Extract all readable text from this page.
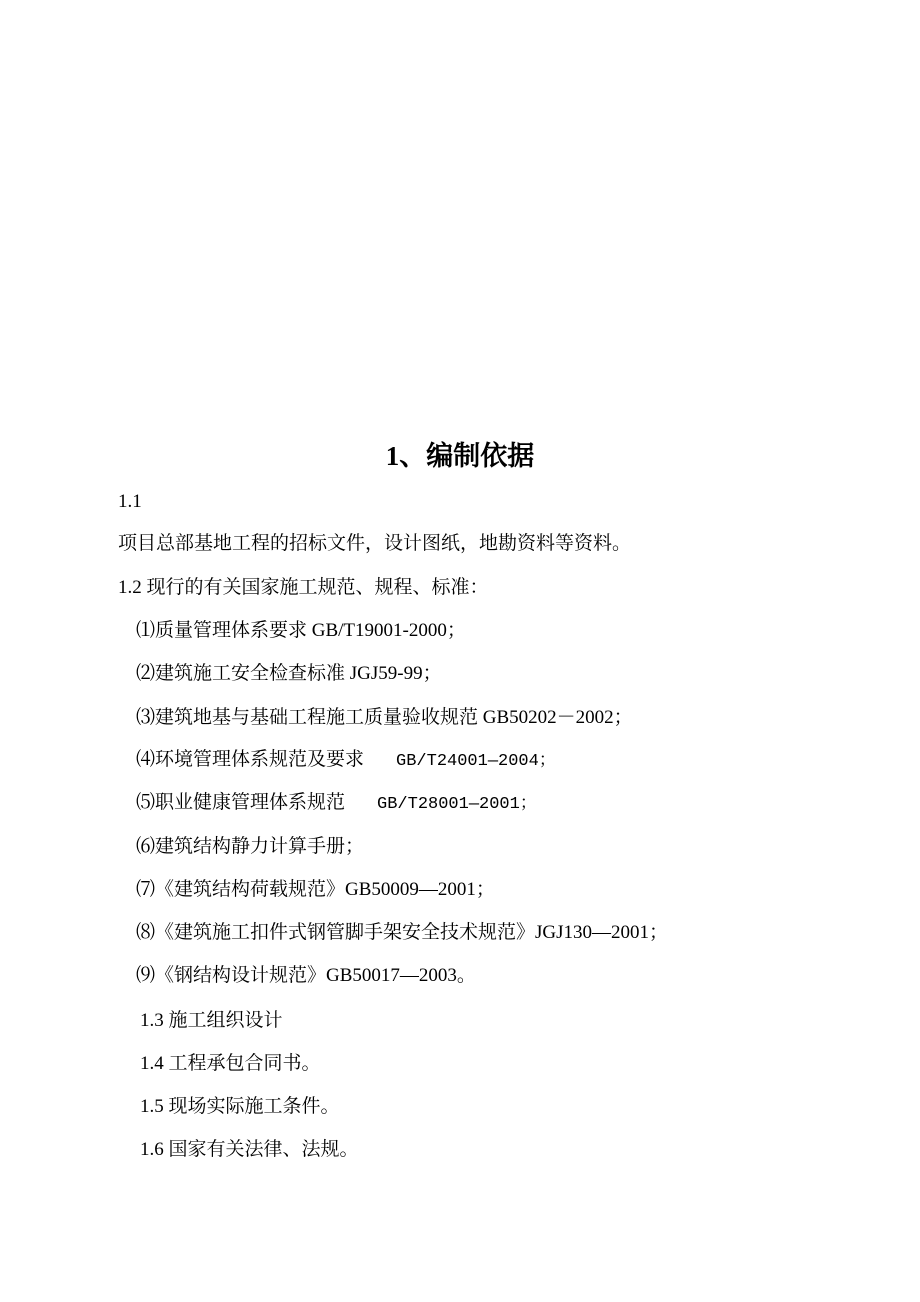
1、编制依据
1.1
项目总部基地工程的招标文件，设计图纸，地勘资料等资料。
1.2 现行的有关国家施工规范、规程、标准：
⑴质量管理体系要求 GB/T19001-2000；
⑵建筑施工安全检查标准 JGJ59-99；
⑶建筑地基与基础工程施工质量验收规范 GB50202－2002；
⑷环境管理体系规范及要求 GB/T24001—2004；
⑸职业健康管理体系规范 GB/T28001—2001；
⑹建筑结构静力计算手册；
⑺《建筑结构荷载规范》GB50009—2001；
⑻《建筑施工扣件式钢管脚手架安全技术规范》JGJ130—2001；
⑼《钢结构设计规范》GB50017—2003。
1.3 施工组织设计
1.4 工程承包合同书。
1.5 现场实际施工条件。
1.6 国家有关法律、法规。
